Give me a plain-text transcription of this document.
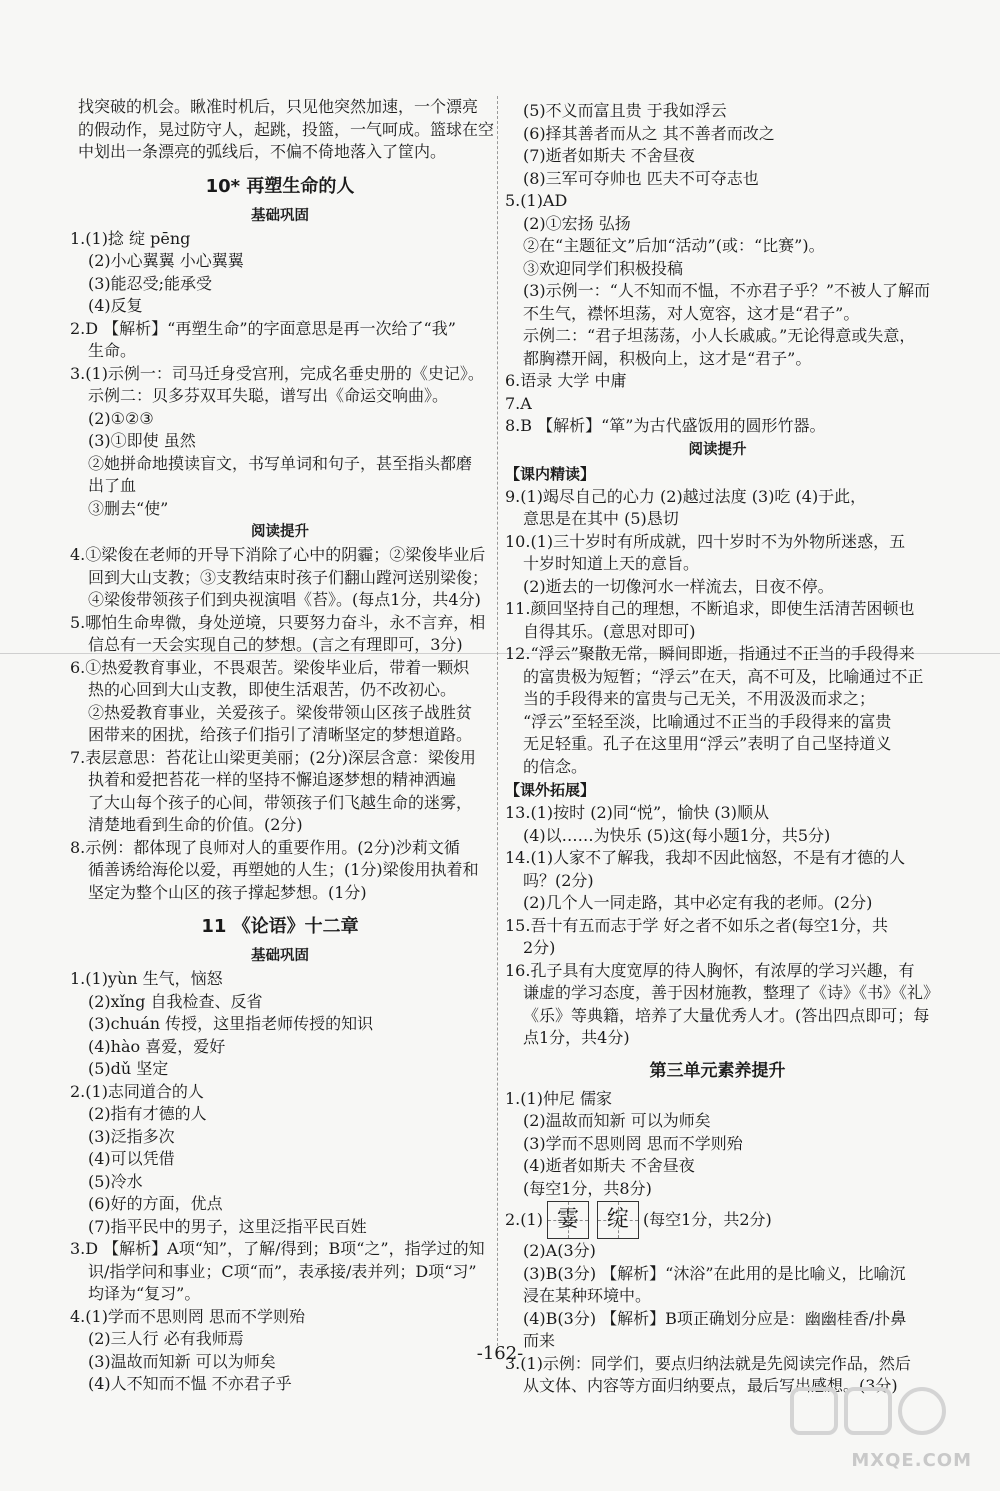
找突破的机会。瞅准时机后，只见他突然加速，一个漂亮
的假动作，晃过防守人，起跳，投篮，一气呵成。篮球在空
中划出一条漂亮的弧线后，不偏不倚地落入了筐内。
10* 再塑生命的人
基础巩固
1.(1)捻 绽 pēng
(2)小心翼翼 小心翼翼
(3)能忍受;能承受
(4)反复
2.D 【解析】“再塑生命”的字面意思是再一次给了“我”
生命。
3.(1)示例一：司马迁身受宫刑，完成名垂史册的《史记》。
示例二：贝多芬双耳失聪，谱写出《命运交响曲》。
(2)①②③
(3)①即使 虽然
②她拼命地摸读盲文，书写单词和句子，甚至指头都磨
出了血
③删去“使”
阅读提升
4.①梁俊在老师的开导下消除了心中的阴霾；②梁俊毕业后
回到大山支教；③支教结束时孩子们翻山蹚河送别梁俊；
④梁俊带领孩子们到央视演唱《苔》。(每点1分，共4分)
5.哪怕生命卑微，身处逆境，只要努力奋斗，永不言弃，相
信总有一天会实现自己的梦想。(言之有理即可，3分)
6.①热爱教育事业，不畏艰苦。梁俊毕业后，带着一颗炽
热的心回到大山支教，即使生活艰苦，仍不改初心。
②热爱教育事业，关爱孩子。梁俊带领山区孩子战胜贫
困带来的困扰，给孩子们指引了清晰坚定的梦想道路。
7.表层意思：苔花让山梁更美丽；(2分)深层含意：梁俊用
执着和爱把苔花一样的坚持不懈追逐梦想的精神洒遍
了大山每个孩子的心间，带领孩子们飞越生命的迷雾，
清楚地看到生命的价值。(2分)
8.示例：都体现了良师对人的重要作用。(2分)沙莉文循
循善诱给海伦以爱，再塑她的人生；(1分)梁俊用执着和
坚定为整个山区的孩子撑起梦想。(1分)
11 《论语》十二章
基础巩固
1.(1)yùn 生气，恼怒
(2)xǐng 自我检查、反省
(3)chuán 传授，这里指老师传授的知识
(4)hào 喜爱，爱好
(5)dǔ 坚定
2.(1)志同道合的人
(2)指有才德的人
(3)泛指多次
(4)可以凭借
(5)冷水
(6)好的方面，优点
(7)指平民中的男子，这里泛指平民百姓
3.D 【解析】A项“知”，了解/得到；B项“之”，指学过的知
识/指学问和事业；C项“而”，表承接/表并列；D项“习”
均译为“复习”。
4.(1)学而不思则罔 思而不学则殆
(2)三人行 必有我师焉
(3)温故而知新 可以为师矣
(4)人不知而不愠 不亦君子乎
(5)不义而富且贵 于我如浮云
(6)择其善者而从之 其不善者而改之
(7)逝者如斯夫 不舍昼夜
(8)三军可夺帅也 匹夫不可夺志也
5.(1)AD
(2)①宏扬 弘扬
②在“主题征文”后加“活动”(或：“比赛”)。
③欢迎同学们积极投稿
(3)示例一：“人不知而不愠，不亦君子乎？”不被人了解而
不生气，襟怀坦荡，对人宽容，这才是“君子”。
示例二：“君子坦荡荡，小人长戚戚。”无论得意或失意，
都胸襟开阔，积极向上，这才是“君子”。
6.语录 大学 中庸
7.A
8.B 【解析】“箪”为古代盛饭用的圆形竹器。
阅读提升
【课内精读】
9.(1)竭尽自己的心力 (2)越过法度 (3)吃 (4)于此，
意思是在其中 (5)恳切
10.(1)三十岁时有所成就，四十岁时不为外物所迷惑，五
十岁时知道上天的意旨。
(2)逝去的一切像河水一样流去，日夜不停。
11.颜回坚持自己的理想，不断追求，即使生活清苦困顿也
自得其乐。(意思对即可)
12.“浮云”聚散无常，瞬间即逝，指通过不正当的手段得来
的富贵极为短暂；“浮云”在天，高不可及，比喻通过不正
当的手段得来的富贵与己无关，不用汲汲而求之；
“浮云”至轻至淡，比喻通过不正当的手段得来的富贵
无足轻重。孔子在这里用“浮云”表明了自己坚持道义
的信念。
【课外拓展】
13.(1)按时 (2)同“悦”，愉快 (3)顺从
(4)以……为快乐 (5)这(每小题1分，共5分)
14.(1)人家不了解我，我却不因此恼怒，不是有才德的人
吗？(2分)
(2)几个人一同走路，其中必定有我的老师。(2分)
15.吾十有五而志于学 好之者不如乐之者(每空1分，共
2分)
16.孔子具有大度宽厚的待人胸怀，有浓厚的学习兴趣，有
谦虚的学习态度，善于因材施教，整理了《诗》《书》《礼》
《乐》等典籍，培养了大量优秀人才。(答出四点即可；每
点1分，共4分)
第三单元素养提升
1.(1)仲尼 儒家
(2)温故而知新 可以为师矣
(3)学而不思则罔 思而不学则殆
(4)逝者如斯夫 不舍昼夜
(每空1分，共8分)
2.(1) 霎	绽 (每空1分，共2分)
(2)A(3分)
(3)B(3分) 【解析】“沐浴”在此用的是比喻义，比喻沉
浸在某种环境中。
(4)B(3分) 【解析】B项正确划分应是：幽幽桂香/扑鼻
而来
3.(1)示例：同学们，要点归纳法就是先阅读完作品，然后
从文体、内容等方面归纳要点，最后写出感想。(3分)
-162-
MXQE.COM
